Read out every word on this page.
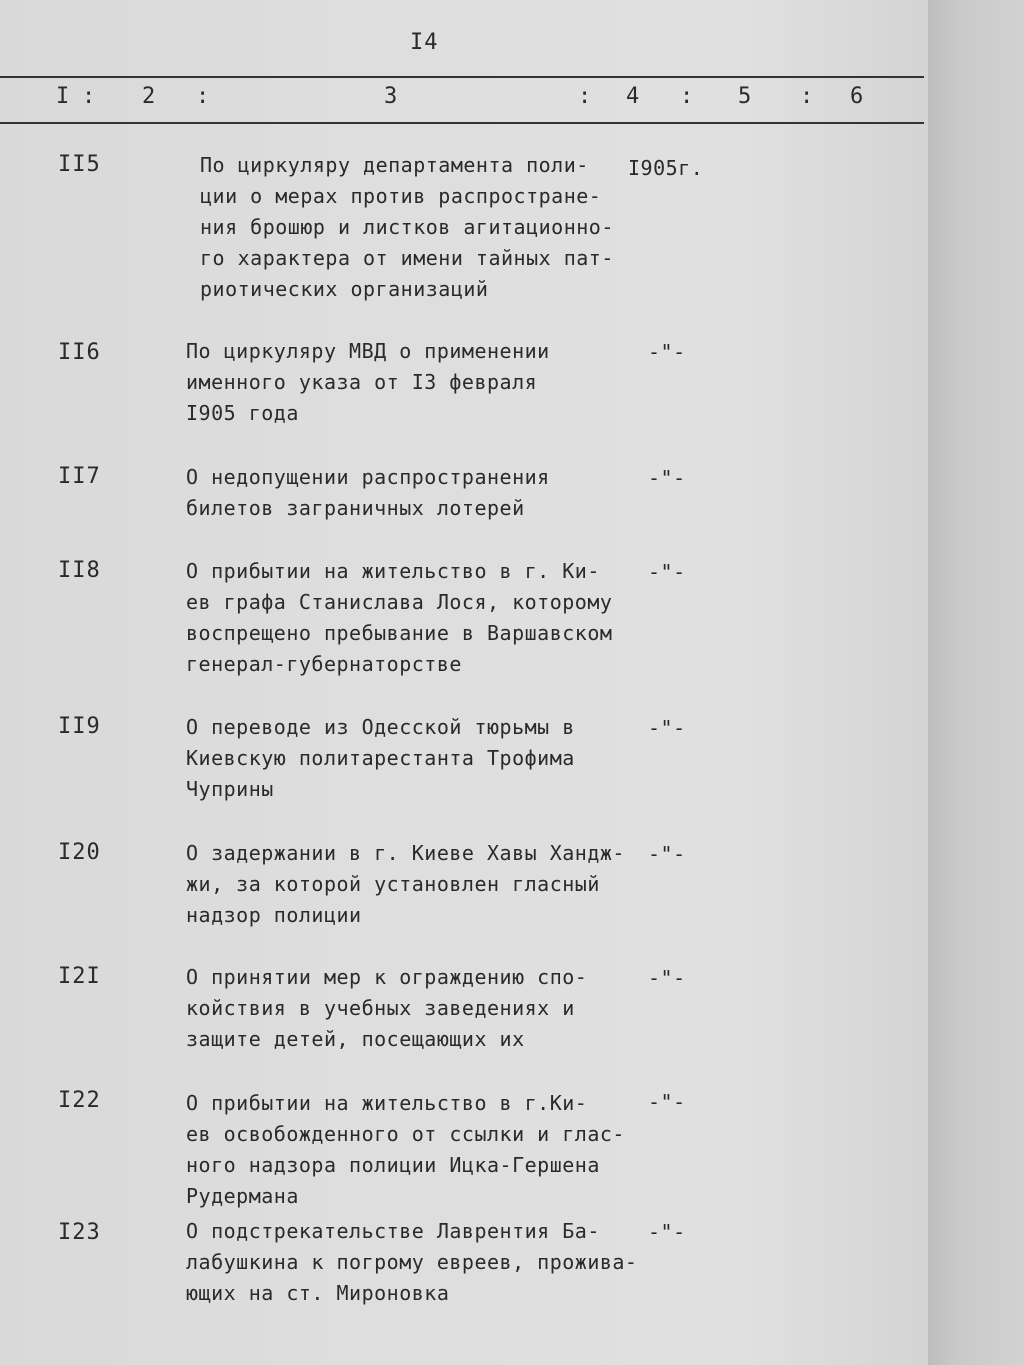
I4
I : 2 :	3	: 4 : 5 : 6
II5	По циркуляру департамента поли-
ции о мерах против распростране-
ния брошюр и листков агитационно-
го характера от имени тайных пат-
риотических организаций
I905г.
II6	По циркуляру МВД о применении
именного указа от I3 февраля
I905 года
-"-
II7	О недопущении распространения
билетов заграничных лотерей
-"-
II8	О прибытии на жительство в г. Ки-
ев графа Станислава Лося, которому
воспрещено пребывание в Варшавском
генерал-губернаторстве
-"-
II9	О переводе из Одесской тюрьмы в
Киевскую политарестанта Трофима
Чуприны
-"-
I20	О задержании в г. Киеве Хавы Хандж-
жи, за которой установлен гласный
надзор полиции
-"-
I2I	О принятии мер к ограждению спо-
койствия в учебных заведениях и
защите детей, посещающих их
-"-
I22	О прибытии на жительство в г.Ки-
ев освобожденного от ссылки и глас-
ного надзора полиции Ицка-Гершена
Рудермана
-"-
I23	О подстрекательстве Лаврентия Ба-
лабушкина к погрому евреев, прожива-
ющих на ст. Мироновка
-"-
